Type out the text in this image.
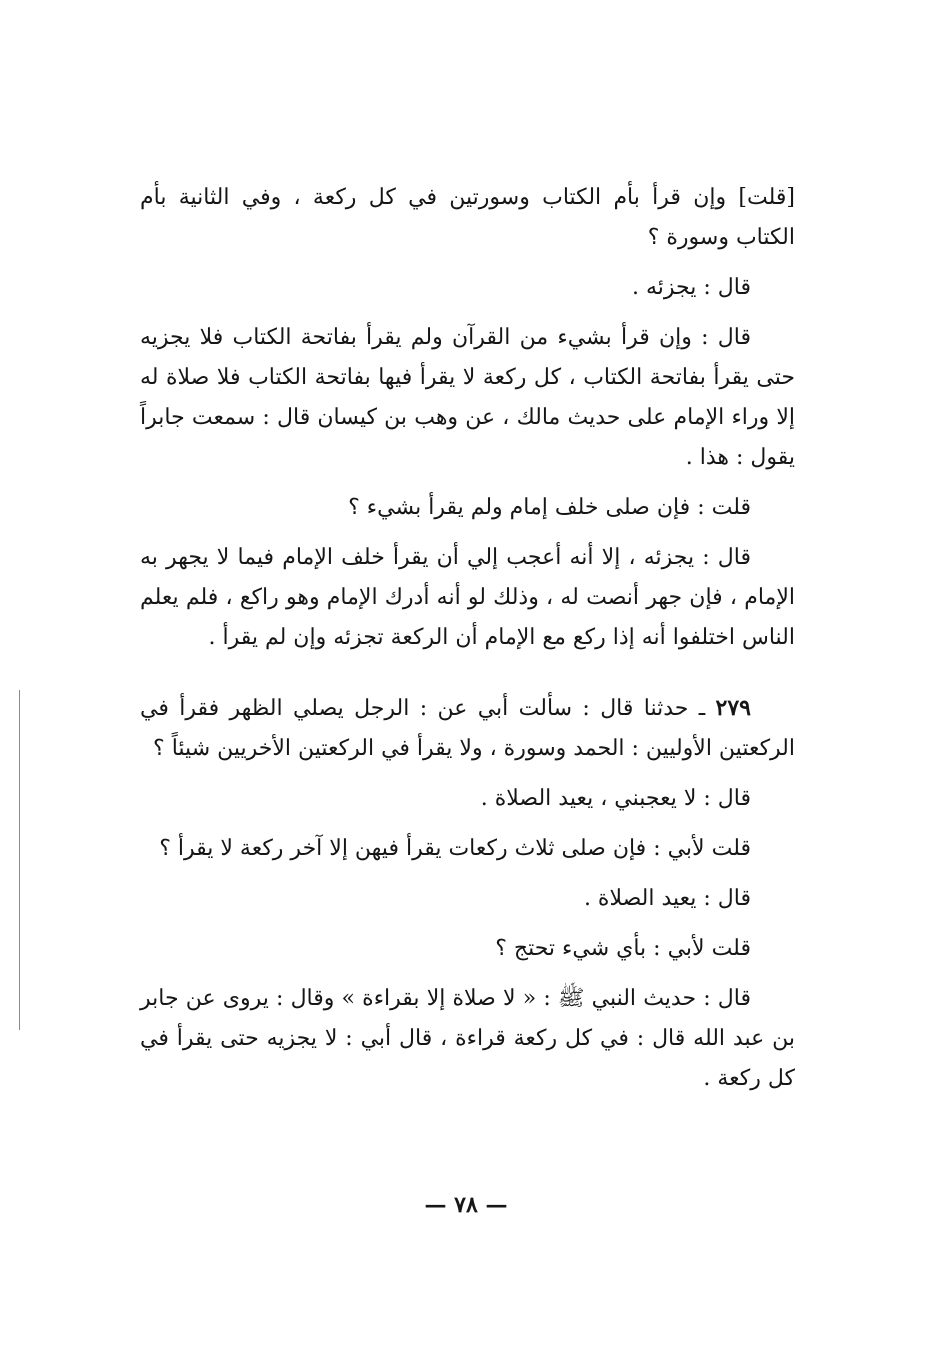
[قلت] وإن قرأ بأم الكتاب وسورتين في كل ركعة ، وفي الثانية بأم الكتاب وسورة ؟

قال : يجزئه .

قال : وإن قرأ بشيء من القرآن ولم يقرأ بفاتحة الكتاب فلا يجزيه حتى يقرأ بفاتحة الكتاب ، كل ركعة لا يقرأ فيها بفاتحة الكتاب فلا صلاة له إلا وراء الإمام على حديث مالك ، عن وهب بن كيسان قال : سمعت جابراً يقول : هذا .

قلت : فإن صلى خلف إمام ولم يقرأ بشيء ؟

قال : يجزئه ، إلا أنه أعجب إلي أن يقرأ خلف الإمام فيما لا يجهر به الإمام ، فإن جهر أنصت له ، وذلك لو أنه أدرك الإمام وهو راكع ، فلم يعلم الناس اختلفوا أنه إذا ركع مع الإمام أن الركعة تجزئه وإن لم يقرأ .

٢٧٩ ـ حدثنا قال : سألت أبي عن : الرجل يصلي الظهر فقرأ في الركعتين الأوليين : الحمد وسورة ، ولا يقرأ في الركعتين الأخريين شيئاً ؟

قال : لا يعجبني ، يعيد الصلاة .

قلت لأبي : فإن صلى ثلاث ركعات يقرأ فيهن إلا آخر ركعة لا يقرأ ؟

قال : يعيد الصلاة .

قلت لأبي : بأي شيء تحتج ؟

قال : حديث النبي ﷺ : « لا صلاة إلا بقراءة » وقال : يروى عن جابر بن عبد الله قال : في كل ركعة قراءة ، قال أبي : لا يجزيه حتى يقرأ في كل ركعة .

— ٧٨ —
